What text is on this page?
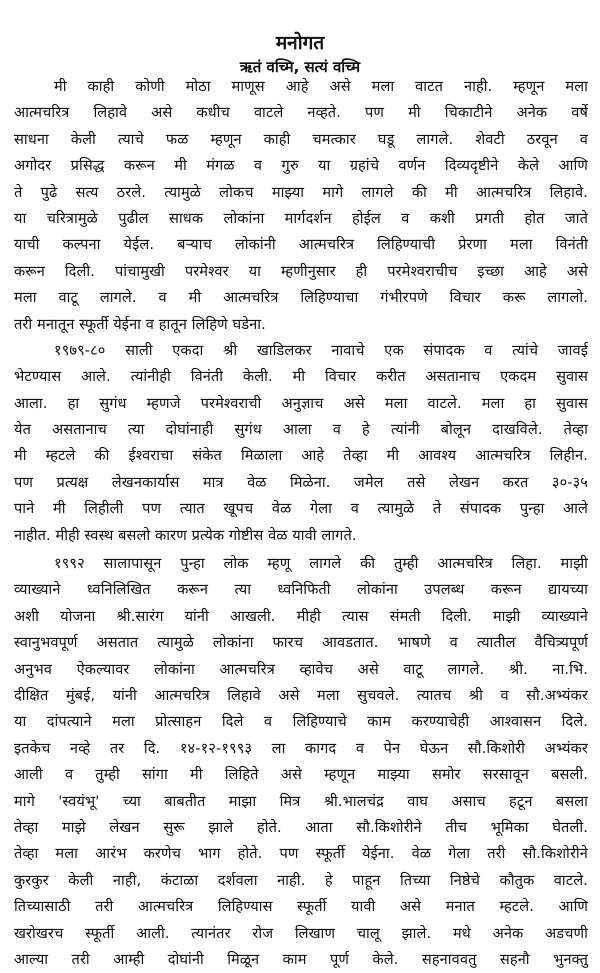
मनोगत
ऋतं वच्मि, सत्यं वच्मि
मी काही कोणी मोठा माणूस आहे असे मला वाटत नाही. म्हणून मला
आत्मचरित्र लिहावे असे कधीच वाटले नव्हते. पण मी चिकाटीने अनेक वर्षे
साधना केली त्याचे फळ म्हणून काही चमत्कार घडू लागले. शेवटी ठरवून व
अगोदर प्रसिद्ध करून मी मंगळ व गुरु या ग्रहांचे वर्णन दिव्यदृष्टीने केले आणि
ते पुढे सत्य ठरले. त्यामुळे लोकच माझ्या मागे लागले की मी आत्मचरित्र लिहावे.
या चरित्रामुळे पुढील साधक लोकांना मार्गदर्शन होईल व कशी प्रगती होत जाते
याची कल्पना येईल. बऱ्याच लोकांनी आत्मचरित्र लिहिण्याची प्रेरणा मला विनंती
करून दिली. पांचामुखी परमेश्वर या म्हणीनुसार ही परमेश्वराचीच इच्छा आहे असे
मला वाटू लागले. व मी आत्मचरित्र लिहिण्याचा गंभीरपणे विचार करू लागलो.
तरी मनातून स्फूर्ती येईना व हातून लिहिणे घडेना.
१९७९-८० साली एकदा श्री खाडिलकर नावाचे एक संपादक व त्यांचे जावई
भेटण्यास आले. त्यांनीही विनंती केली. मी विचार करीत असतानाच एकदम सुवास
आला. हा सुगंध म्हणजे परमेश्वराची अनुज्ञाच असे मला वाटले. मला हा सुवास
येत असतानाच त्या दोघांनाही सुगंध आला व हे त्यांनी बोलून दाखविले. तेव्हा
मी म्हटले की ईश्वराचा संकेत मिळाला आहे तेव्हा मी आवश्य आत्मचरित्र लिहीन.
पण प्रत्यक्ष लेखनकार्यास मात्र वेळ मिळेना. जमेल तसे लेखन करत ३०-३५
पाने मी लिहीली पण त्यात खूपच वेळ गेला व त्यामुळे ते संपादक पुन्हा आले
नाहीत. मीही स्वस्थ बसलो कारण प्रत्येक गोष्टीस वेळ यावी लागते.
१९९२ सालापासून पुन्हा लोक म्हणू लागले की तुम्ही आत्मचरित्र लिहा. माझी
व्याख्याने ध्वनिलिखित करून त्या ध्वनिफिती लोकांना उपलब्ध करून द्यायच्या
अशी योजना श्री.सारंग यांनी आखली. मीही त्यास संमती दिली. माझी व्याख्याने
स्वानुभवपूर्ण असतात त्यामुळे लोकांना फारच आवडतात. भाषणे व त्यातील वैचित्र्यपूर्ण
अनुभव ऐकल्यावर लोकांना आत्मचरित्र व्हावेच असे वाटू लागले. श्री. ना.भि.
दीक्षित मुंबई, यांनी आत्मचरित्र लिहावे असे मला सुचवले. त्यातच श्री व सौ.अभ्यंकर
या दांपत्याने मला प्रोत्साहन दिले व लिहिण्याचे काम करण्याचेही आश्वासन दिले.
इतकेच नव्हे तर दि. १४-१२-१९९३ ला कागद व पेन घेऊन सौ.किशोरी अभ्यंकर
आली व तुम्ही सांगा मी लिहिते असे म्हणून माझ्या समोर सरसावून बसली.
मागे 'स्वयंभू' च्या बाबतीत माझा मित्र श्री.भालचंद्र वाघ असाच हटून बसला
तेव्हा माझे लेखन सुरू झाले होते. आता सौ.किशोरीने तीच भूमिका घेतली.
तेव्हा मला आरंभ करणेच भाग होते. पण स्फूर्ती येईना. वेळ गेला तरी सौ.किशोरीने
कुरकुर केली नाही, कंटाळा दर्शवला नाही. हे पाहून तिच्या निष्ठेचे कौतुक वाटले.
तिच्यासाठी तरी आत्मचरित्र लिहिण्यास स्फूर्ती यावी असे मनात म्हटले. आणि
खरोखरच स्फूर्ती आली. त्यानंतर रोज लिखाण चालू झाले. मधे अनेक अडचणी
आल्या तरी आम्ही दोघांनी मिळून काम पूर्ण केले. सहनाववतु सहनौ भुनक्तु
